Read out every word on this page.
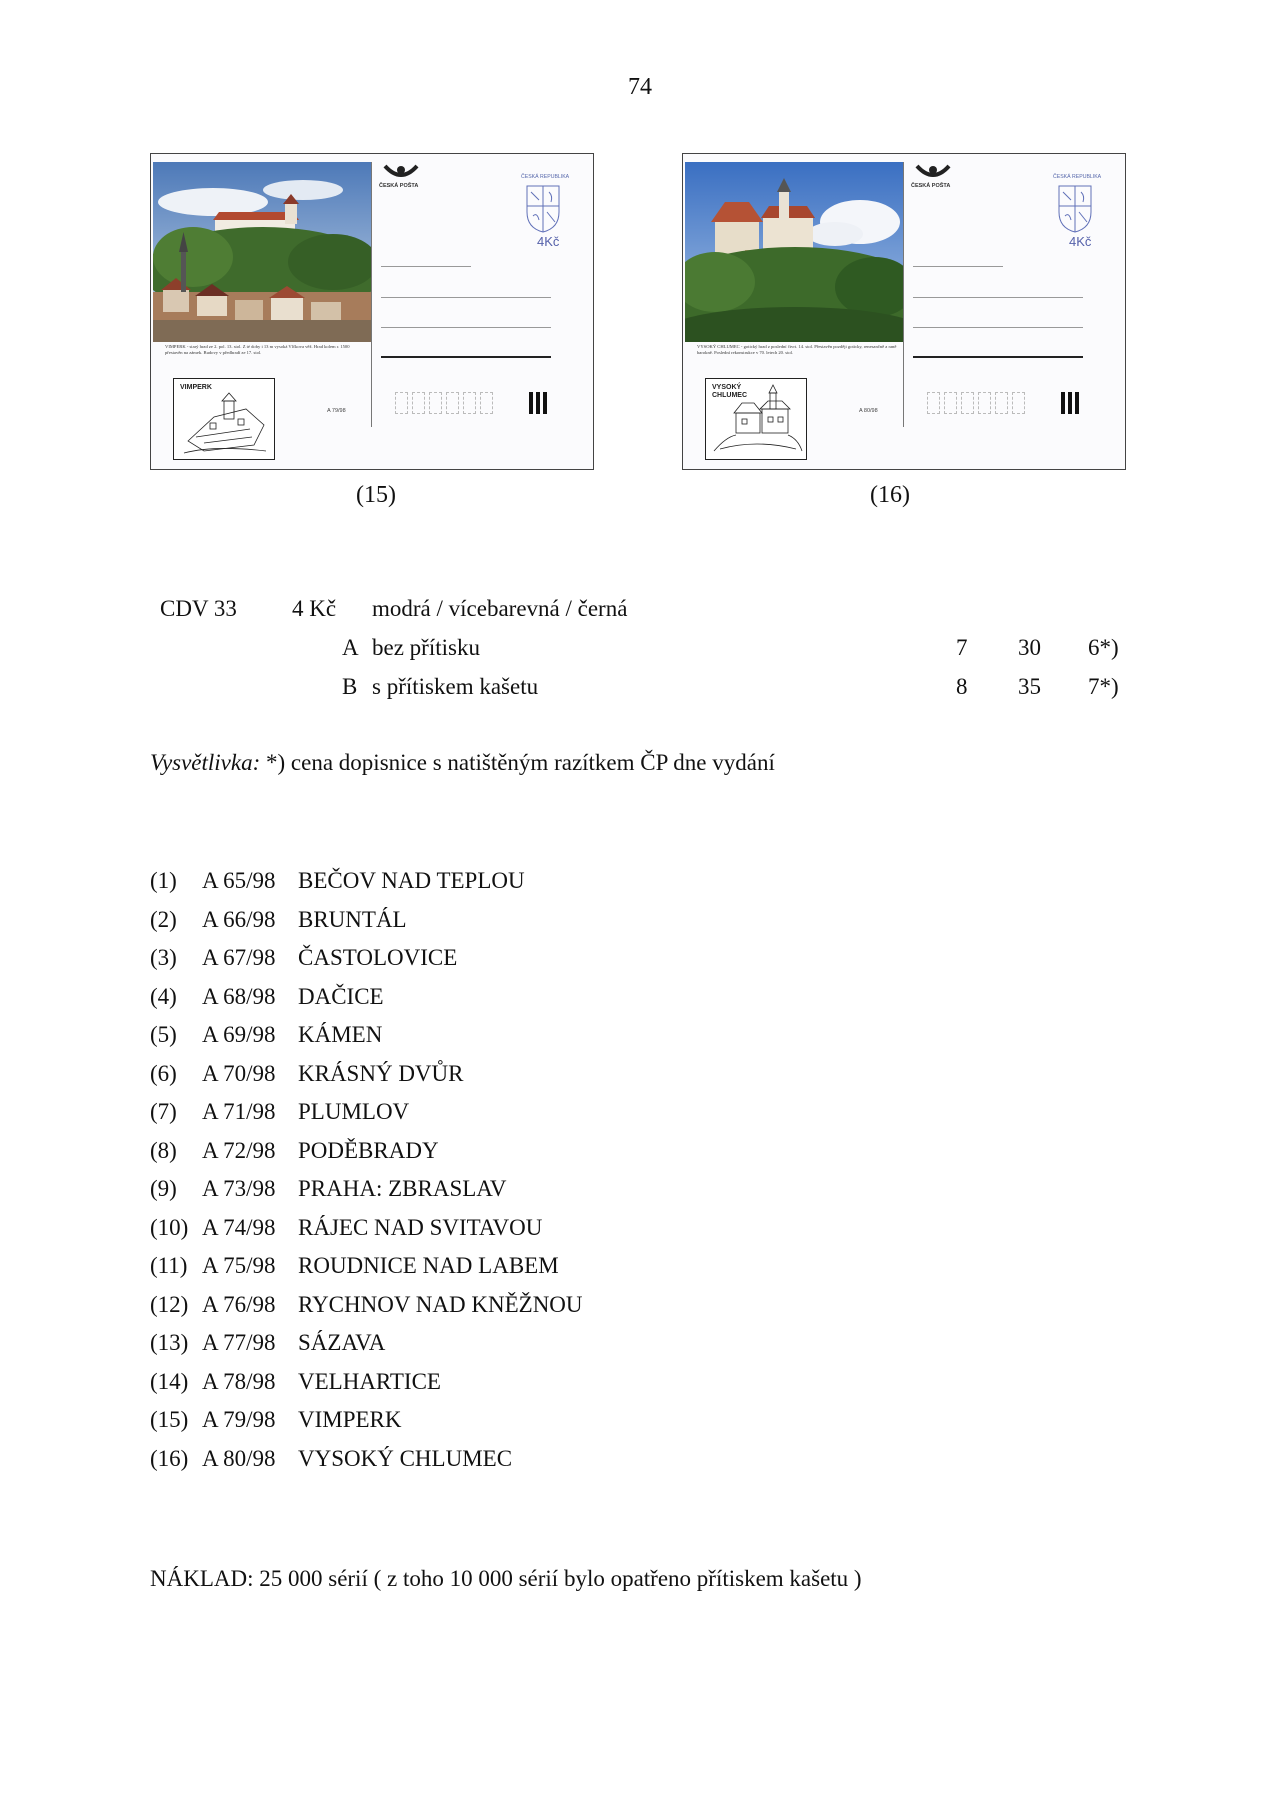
74
VIMPERK - starý hrad ze 2. pol. 13. stol. Z té doby i 13 m vysoká Vlčkova věž. Hrad kolem r. 1500 přestavěn na zámek. Budovy v předhradí ze 17. stol.
VIMPERK
A 79/98
ČESKÁ POŠTA
ČESKÁ REPUBLIKA
4Kč
VYSOKÝ CHLUMEC - gotický hrad z poslední čtvrt. 14. stol. Přestavěn později goticky, renesančně a raně barokně. Poslední rekonstrukce v 70. letech 20. stol.
VYSOKÝ
CHLUMEC
A 80/98
ČESKÁ POŠTA
ČESKÁ REPUBLIKA
4Kč
(15)	(16)
CDV 33 4 Kč modrá / vícebarevná / černá
A bez přítisku	7 30 6*)
B s přítiskem kašetu	8 35 7*)
Vysvětlivka: *) cena dopisnice s natištěným razítkem ČP dne vydání
(1) A 65/98 BEČOV NAD TEPLOU
(2) A 66/98 BRUNTÁL
(3) A 67/98 ČASTOLOVICE
(4) A 68/98 DAČICE
(5) A 69/98 KÁMEN
(6) A 70/98 KRÁSNÝ DVŮR
(7) A 71/98 PLUMLOV
(8) A 72/98 PODĚBRADY
(9) A 73/98 PRAHA: ZBRASLAV
(10) A 74/98 RÁJEC NAD SVITAVOU
(11) A 75/98 ROUDNICE NAD LABEM
(12) A 76/98 RYCHNOV NAD KNĚŽNOU
(13) A 77/98 SÁZAVA
(14) A 78/98 VELHARTICE
(15) A 79/98 VIMPERK
(16) A 80/98 VYSOKÝ CHLUMEC
NÁKLAD: 25 000 sérií ( z toho 10 000 sérií bylo opatřeno přítiskem kašetu )
